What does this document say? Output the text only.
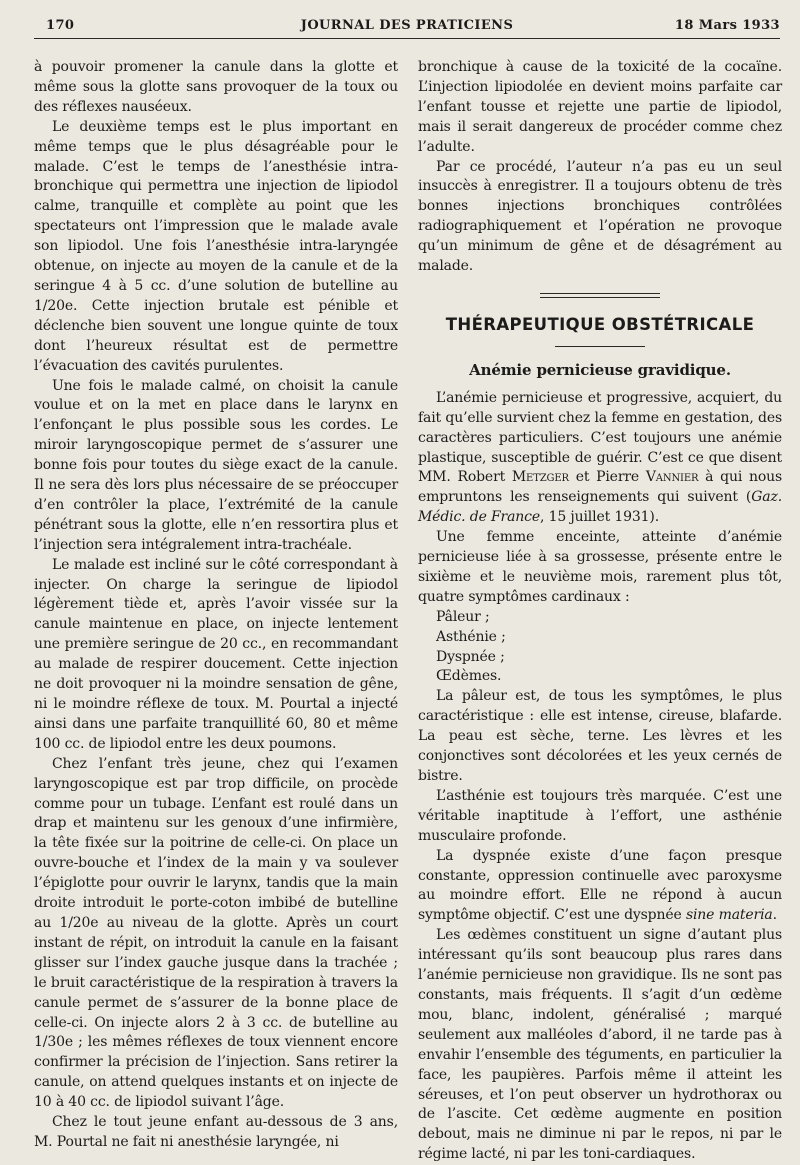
170	JOURNAL DES PRATICIENS	18 Mars 1933

à pouvoir promener la canule dans la glotte et même sous la glotte sans provoquer de la toux ou des réflexes nauséeux.

Le deuxième temps est le plus important en même temps que le plus désagréable pour le malade. C’est le temps de l’anesthésie intra-bronchique qui permettra une injection de lipiodol calme, tranquille et complète au point que les spectateurs ont l’impression que le malade avale son lipiodol. Une fois l’anesthésie intra-laryngée obtenue, on injecte au moyen de la canule et de la seringue 4 à 5 cc. d’une solution de butelline au 1/20e. Cette injection brutale est pénible et déclenche bien souvent une longue quinte de toux dont l’heureux résultat est de permettre l’évacuation des cavités purulentes.

Une fois le malade calmé, on choisit la canule voulue et on la met en place dans le larynx en l’enfonçant le plus possible sous les cordes. Le miroir laryngoscopique permet de s’assurer une bonne fois pour toutes du siège exact de la canule. Il ne sera dès lors plus nécessaire de se préoccuper d’en contrôler la place, l’extrémité de la canule pénétrant sous la glotte, elle n’en ressortira plus et l’injection sera intégralement intra-trachéale.

Le malade est incliné sur le côté correspondant à injecter. On charge la seringue de lipiodol légèrement tiède et, après l’avoir vissée sur la canule maintenue en place, on injecte lentement une première seringue de 20 cc., en recommandant au malade de respirer doucement. Cette injection ne doit provoquer ni la moindre sensation de gêne, ni le moindre réflexe de toux. M. Pourtal a injecté ainsi dans une parfaite tranquillité 60, 80 et même 100 cc. de lipiodol entre les deux poumons.

Chez l’enfant très jeune, chez qui l’examen laryngoscopique est par trop difficile, on procède comme pour un tubage. L’enfant est roulé dans un drap et maintenu sur les genoux d’une infirmière, la tête fixée sur la poitrine de celle-ci. On place un ouvre-bouche et l’index de la main y va soulever l’épiglotte pour ouvrir le larynx, tandis que la main droite introduit le porte-coton imbibé de butelline au 1/20e au niveau de la glotte. Après un court instant de répit, on introduit la canule en la faisant glisser sur l’index gauche jusque dans la trachée ; le bruit caractéristique de la respiration à travers la canule permet de s’assurer de la bonne place de celle-ci. On injecte alors 2 à 3 cc. de butelline au 1/30e ; les mêmes réflexes de toux viennent encore confirmer la précision de l’injection. Sans retirer la canule, on attend quelques instants et on injecte de 10 à 40 cc. de lipiodol suivant l’âge.

Chez le tout jeune enfant au-dessous de 3 ans, M. Pourtal ne fait ni anesthésie laryngée, ni

bronchique à cause de la toxicité de la cocaïne. L’injection lipiodolée en devient moins parfaite car l’enfant tousse et rejette une partie de lipiodol, mais il serait dangereux de procéder comme chez l’adulte.

Par ce procédé, l’auteur n’a pas eu un seul insuccès à enregistrer. Il a toujours obtenu de très bonnes injections bronchiques contrôlées radiographiquement et l’opération ne provoque qu’un minimum de gêne et de désagrément au malade.

THÉRAPEUTIQUE OBSTÉTRICALE
Anémie pernicieuse gravidique.

L’anémie pernicieuse et progressive, acquiert, du fait qu’elle survient chez la femme en gestation, des caractères particuliers. C’est toujours une anémie plastique, susceptible de guérir. C’est ce que disent MM. Robert Metzger et Pierre Vannier à qui nous empruntons les renseignements qui suivent (Gaz. Médic. de France, 15 juillet 1931).

Une femme enceinte, atteinte d’anémie pernicieuse liée à sa grossesse, présente entre le sixième et le neuvième mois, rarement plus tôt, quatre symptômes cardinaux :

Pâleur ;
Asthénie ;
Dyspnée ;
Œdèmes.

La pâleur est, de tous les symptômes, le plus caractéristique : elle est intense, cireuse, blafarde. La peau est sèche, terne. Les lèvres et les conjonctives sont décolorées et les yeux cernés de bistre.

L’asthénie est toujours très marquée. C’est une véritable inaptitude à l’effort, une asthénie musculaire profonde.

La dyspnée existe d’une façon presque constante, oppression continuelle avec paroxysme au moindre effort. Elle ne répond à aucun symptôme objectif. C’est une dyspnée sine materia.

Les œdèmes constituent un signe d’autant plus intéressant qu’ils sont beaucoup plus rares dans l’anémie pernicieuse non gravidique. Ils ne sont pas constants, mais fréquents. Il s’agit d’un œdème mou, blanc, indolent, généralisé ; marqué seulement aux malléoles d’abord, il ne tarde pas à envahir l’ensemble des téguments, en particulier la face, les paupières. Parfois même il atteint les séreuses, et l’on peut observer un hydrothorax ou de l’ascite. Cet œdème augmente en position debout, mais ne diminue ni par le repos, ni par le régime lacté, ni par les toni-cardiaques.
